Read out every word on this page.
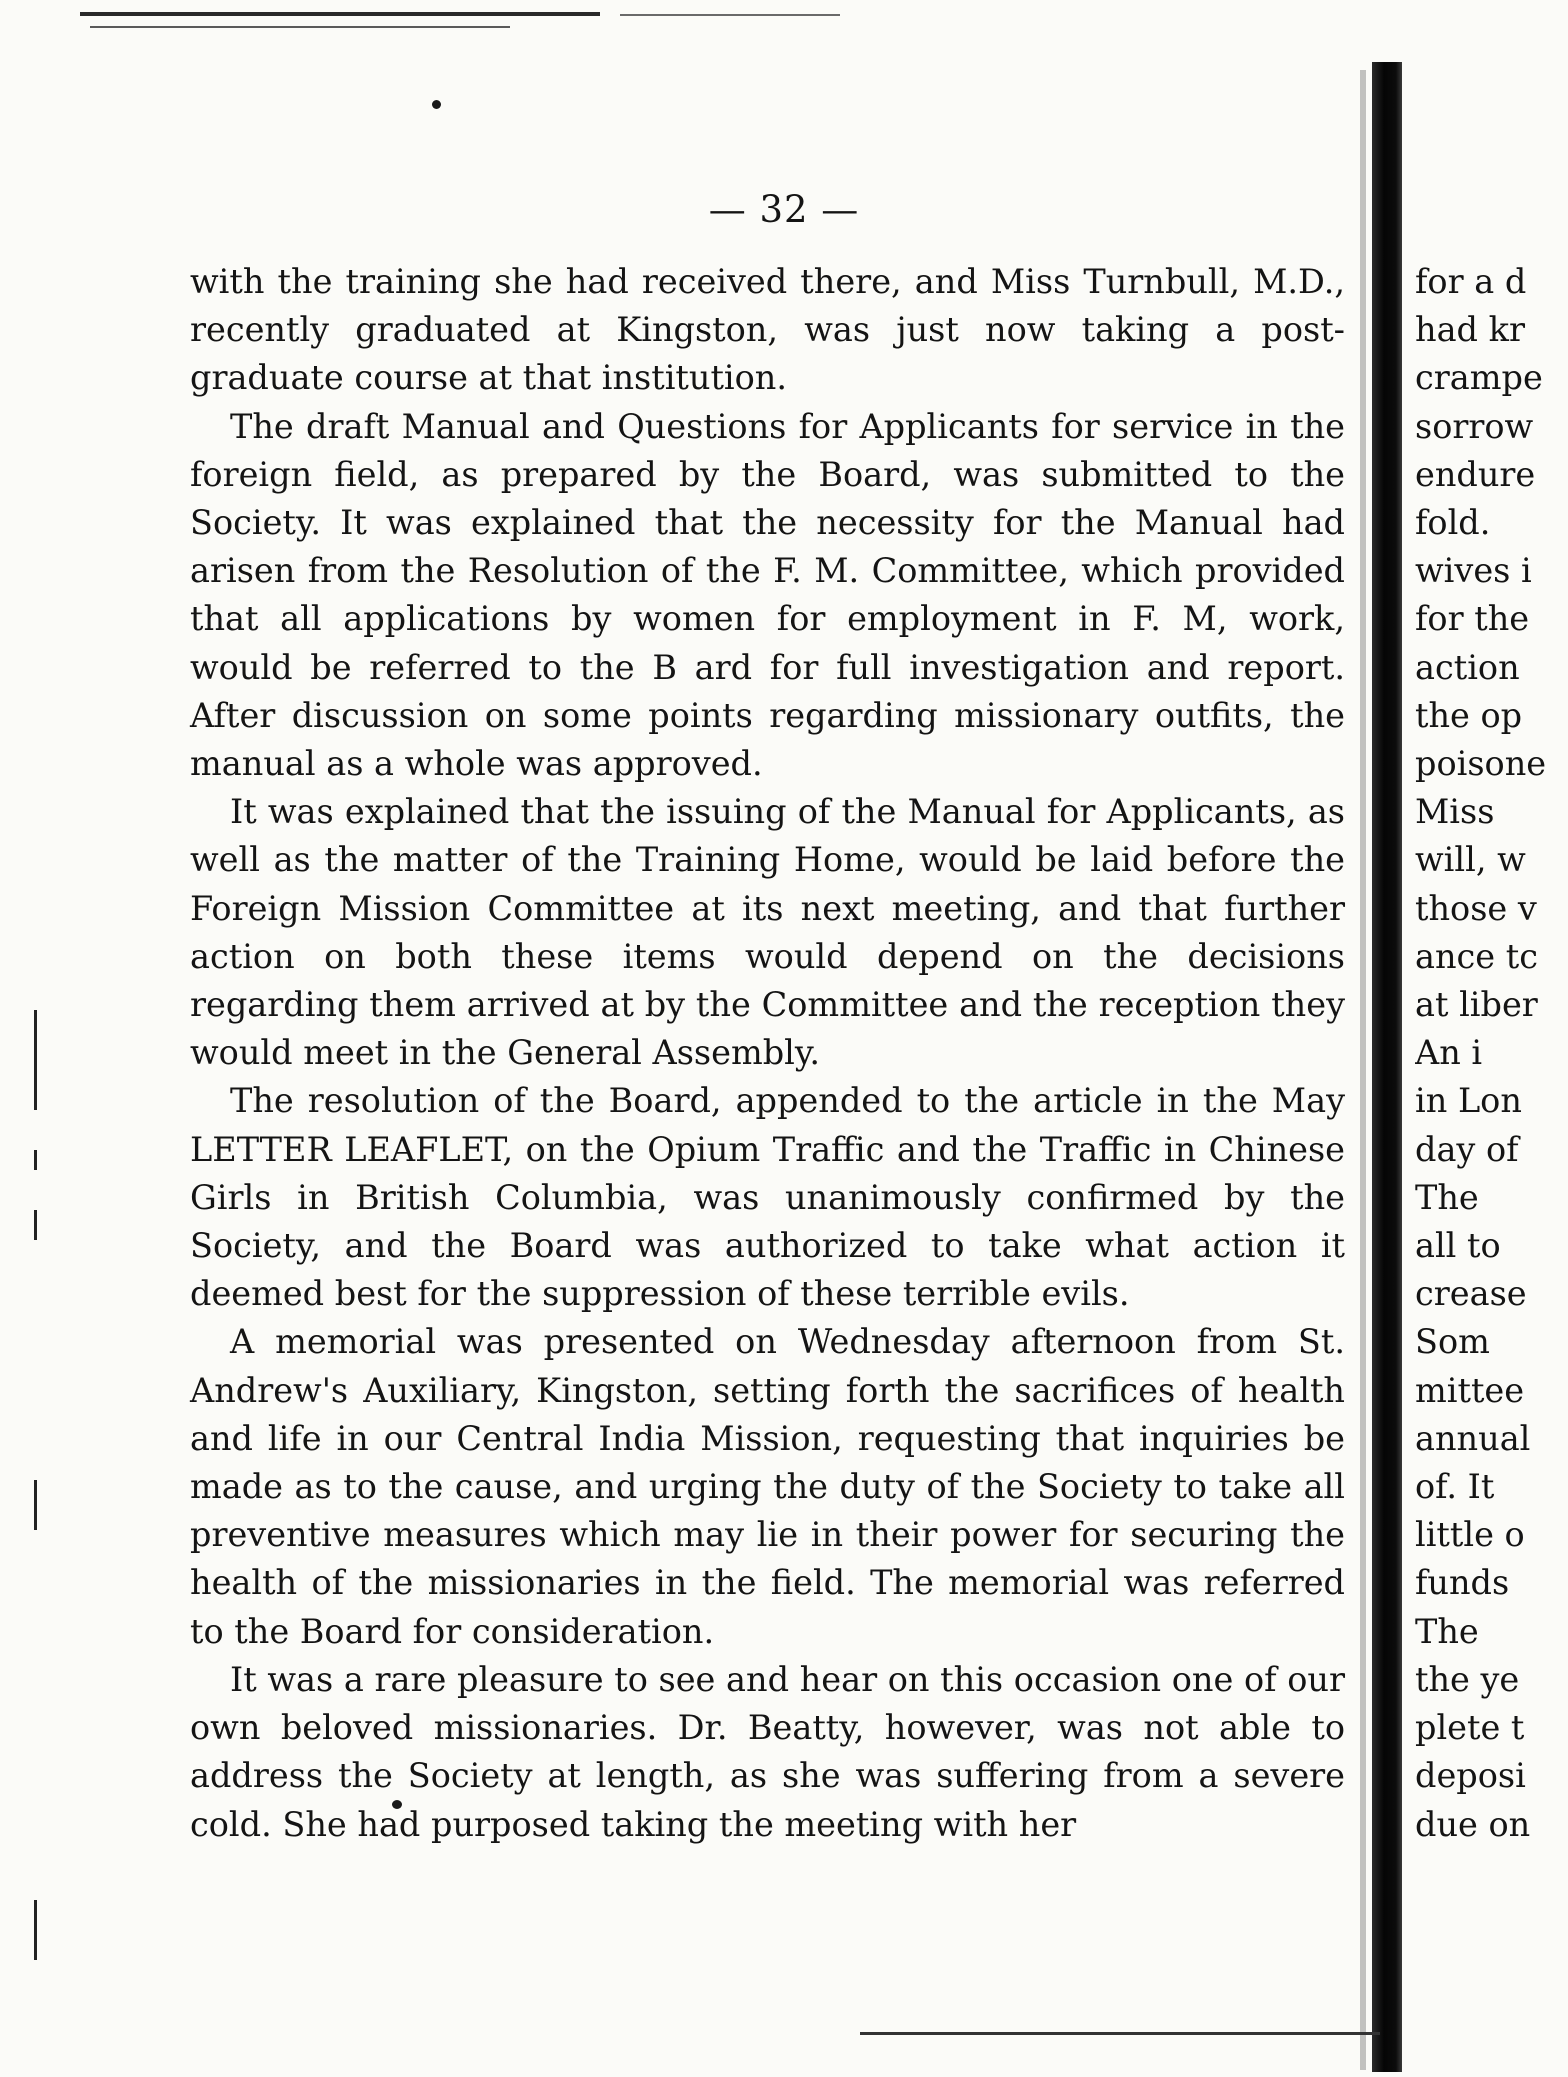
— 32 —

with the training she had received there, and Miss Turnbull, M.D., recently graduated at Kingston, was just now taking a post-graduate course at that institution.

The draft Manual and Questions for Applicants for service in the foreign field, as prepared by the Board, was submitted to the Society. It was explained that the necessity for the Manual had arisen from the Resolution of the F. M. Committee, which provided that all applications by women for employment in F. M, work, would be referred to the B ard for full investigation and report. After discussion on some points regarding missionary outfits, the manual as a whole was approved.

It was explained that the issuing of the Manual for Applicants, as well as the matter of the Training Home, would be laid before the Foreign Mission Committee at its next meeting, and that further action on both these items would depend on the decisions regarding them arrived at by the Committee and the reception they would meet in the General Assembly.

The resolution of the Board, appended to the article in the May LETTER LEAFLET, on the Opium Traffic and the Traffic in Chinese Girls in British Columbia, was unanimously confirmed by the Society, and the Board was authorized to take what action it deemed best for the suppression of these terrible evils.

A memorial was presented on Wednesday afternoon from St. Andrew's Auxiliary, Kingston, setting forth the sacrifices of health and life in our Central India Mission, requesting that inquiries be made as to the cause, and urging the duty of the Society to take all preventive measures which may lie in their power for securing the health of the missionaries in the field. The memorial was referred to the Board for consideration.

It was a rare pleasure to see and hear on this occasion one of our own beloved missionaries. Dr. Beatty, however, was not able to address the Society at length, as she was suffering from a severe cold. She had purposed taking the meeting with her

for a d

had kr

crampe

sorrow

endure

fold.

wives i

for the

action

the op

poisone

Miss

will, w

those v

ance tc

at liber

An i

in Lon

day of

The

all to

crease

Som

mittee

annual

of. It

little o

funds

The

the ye

plete t

deposi

due on
